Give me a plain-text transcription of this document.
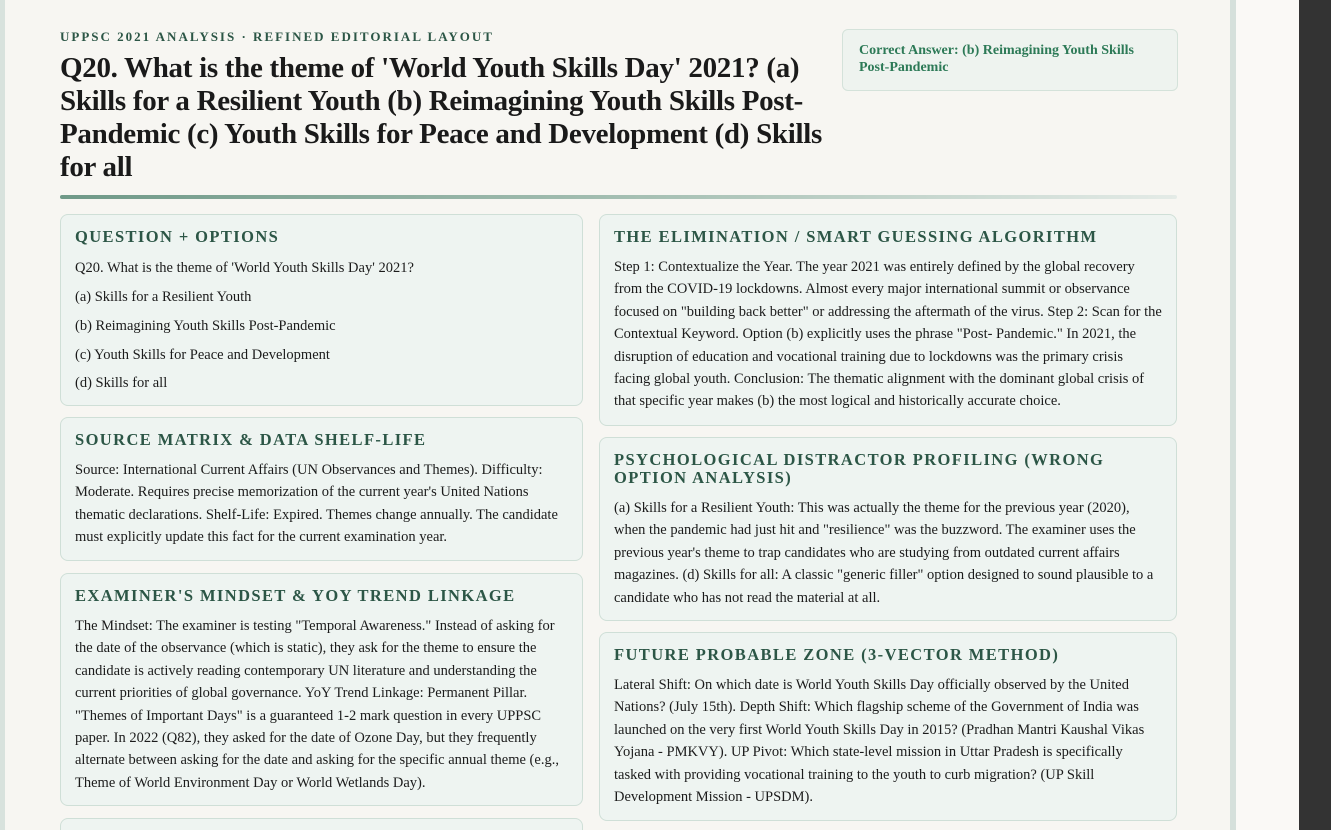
UPPSC 2021 ANALYSIS · REFINED EDITORIAL LAYOUT
Q20. What is the theme of 'World Youth Skills Day' 2021? (a) Skills for a Resilient Youth (b) Reimagining Youth Skills Post-Pandemic (c) Youth Skills for Peace and Development (d) Skills for all
Correct Answer: (b) Reimagining Youth Skills Post-Pandemic
QUESTION + OPTIONS

Q20. What is the theme of 'World Youth Skills Day' 2021?

(a) Skills for a Resilient Youth

(b) Reimagining Youth Skills Post-Pandemic

(c) Youth Skills for Peace and Development

(d) Skills for all

SOURCE MATRIX & DATA SHELF-LIFE

Source: International Current Affairs (UN Observances and Themes). Difficulty: Moderate. Requires precise memorization of the current year's United Nations thematic declarations. Shelf-Life: Expired. Themes change annually. The candidate must explicitly update this fact for the current examination year.

EXAMINER'S MINDSET & YOY TREND LINKAGE

The Mindset: The examiner is testing "Temporal Awareness." Instead of asking for the date of the observance (which is static), they ask for the theme to ensure the candidate is actively reading contemporary UN literature and understanding the current priorities of global governance. YoY Trend Linkage: Permanent Pillar. "Themes of Important Days" is a guaranteed 1-2 mark question in every UPPSC paper. In 2022 (Q82), they asked for the date of Ozone Day, but they frequently alternate between asking for the date and asking for the specific annual theme (e.g., Theme of World Environment Day or World Wetlands Day).

THE ELIMINATION / SMART GUESSING ALGORITHM

Step 1: Contextualize the Year. The year 2021 was entirely defined by the global recovery from the COVID-19 lockdowns. Almost every major international summit or observance focused on "building back better" or addressing the aftermath of the virus. Step 2: Scan for the Contextual Keyword. Option (b) explicitly uses the phrase "Post- Pandemic." In 2021, the disruption of education and vocational training due to lockdowns was the primary crisis facing global youth. Conclusion: The thematic alignment with the dominant global crisis of that specific year makes (b) the most logical and historically accurate choice.

PSYCHOLOGICAL DISTRACTOR PROFILING (WRONG OPTION ANALYSIS)

(a) Skills for a Resilient Youth: This was actually the theme for the previous year (2020), when the pandemic had just hit and "resilience" was the buzzword. The examiner uses the previous year's theme to trap candidates who are studying from outdated current affairs magazines. (d) Skills for all: A classic "generic filler" option designed to sound plausible to a candidate who has not read the material at all.

FUTURE PROBABLE ZONE (3-VECTOR METHOD)

Lateral Shift: On which date is World Youth Skills Day officially observed by the United Nations? (July 15th). Depth Shift: Which flagship scheme of the Government of India was launched on the very first World Youth Skills Day in 2015? (Pradhan Mantri Kaushal Vikas Yojana - PMKVY). UP Pivot: Which state-level mission in Uttar Pradesh is specifically tasked with providing vocational training to the youth to curb migration? (UP Skill Development Mission - UPSDM).
